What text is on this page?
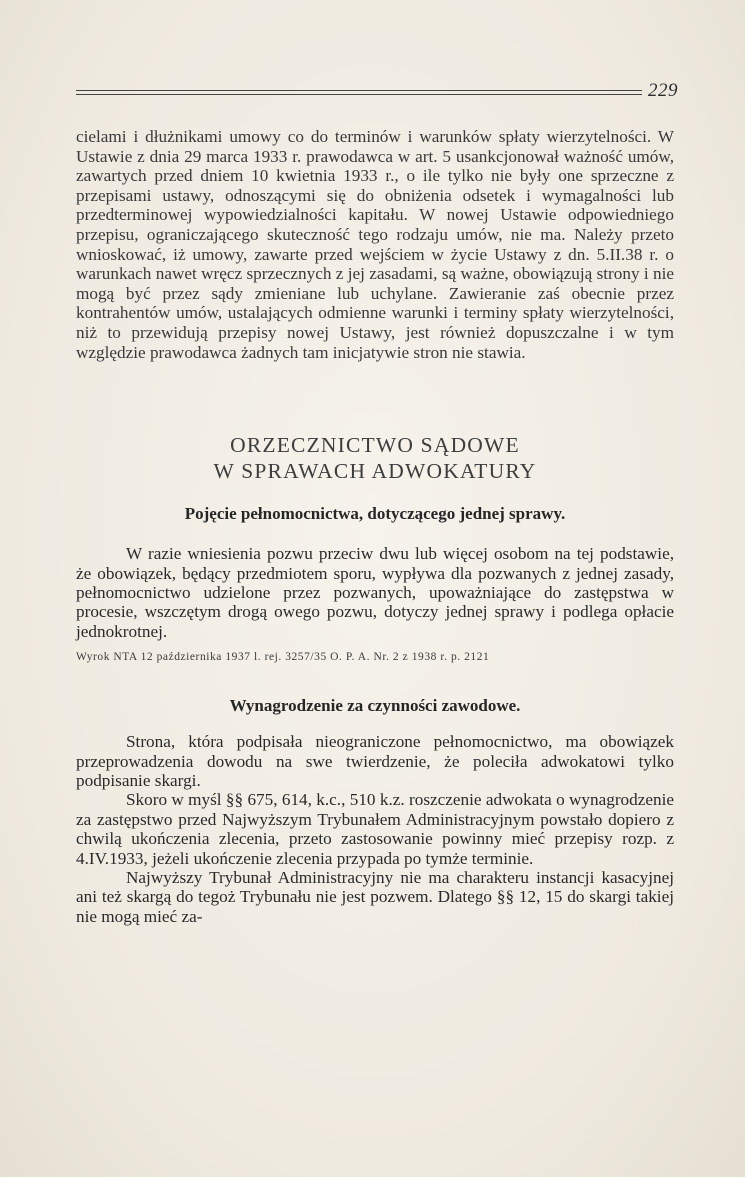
229

cielami i dłużnikami umowy co do terminów i warunków spłaty wierzytelności. W Ustawie z dnia 29 marca 1933 r. prawodawca w art. 5 usankcjonował ważność umów, zawartych przed dniem 10 kwietnia 1933 r., o ile tylko nie były one sprzeczne z przepisami ustawy, odnoszącymi się do obniżenia odsetek i wymagalności lub przedterminowej wypowiedzialności kapitału. W nowej Ustawie odpowiedniego przepisu, ograniczającego skuteczność tego rodzaju umów, nie ma. Należy przeto wnioskować, iż umowy, zawarte przed wejściem w życie Ustawy z dn. 5.II.38 r. o warunkach nawet wręcz sprzecznych z jej zasadami, są ważne, obowiązują strony i nie mogą być przez sądy zmieniane lub uchylane. Zawieranie zaś obecnie przez kontrahentów umów, ustalających odmienne warunki i terminy spłaty wierzytelności, niż to przewidują przepisy nowej Ustawy, jest również dopuszczalne i w tym względzie prawodawca żadnych tam inicjatywie stron nie stawia.

ORZECZNICTWO SĄDOWE
W SPRAWACH ADWOKATURY
Pojęcie pełnomocnictwa, dotyczącego jednej sprawy.

W razie wniesienia pozwu przeciw dwu lub więcej osobom na tej podstawie, że obowiązek, będący przedmiotem sporu, wypływa dla pozwanych z jednej zasady, pełnomocnictwo udzielone przez pozwanych, upoważniające do zastępstwa w procesie, wszczętym drogą owego pozwu, dotyczy jednej sprawy i podlega opłacie jednokrotnej.

Wyrok NTA 12 października 1937 l. rej. 3257/35 O. P. A. Nr. 2 z 1938 r. p. 2121
Wynagrodzenie za czynności zawodowe.

Strona, która podpisała nieograniczone pełnomocnictwo, ma obowiązek przeprowadzenia dowodu na swe twierdzenie, że poleciła adwokatowi tylko podpisanie skargi.

Skoro w myśl §§ 675, 614, k.c., 510 k.z. roszczenie adwokata o wynagrodzenie za zastępstwo przed Najwyższym Trybunałem Administracyjnym powstało dopiero z chwilą ukończenia zlecenia, przeto zastosowanie powinny mieć przepisy rozp. z 4.IV.1933, jeżeli ukończenie zlecenia przypada po tymże terminie.

Najwyższy Trybunał Administracyjny nie ma charakteru instancji kasacyjnej ani też skargą do tegoż Trybunału nie jest pozwem. Dlatego §§ 12, 15 do skargi takiej nie mogą mieć za-
